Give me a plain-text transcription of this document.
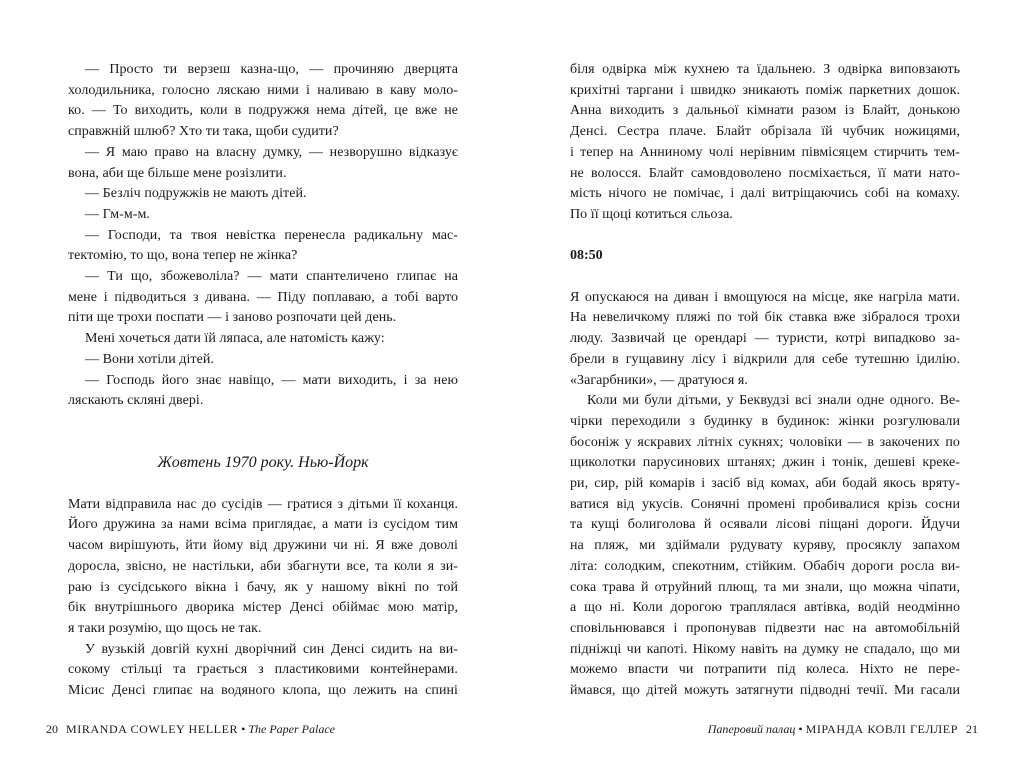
— Просто ти верзеш казна-що, — прочиняю дверцята

холодильника, голосно ляскаю ними і наливаю в каву моло-

ко. — То виходить, коли в подружжя нема дітей, це вже не

справжній шлюб? Хто ти така, щоби судити?

— Я маю право на власну думку, — незворушно відказує

вона, аби ще більше мене розізлити.

— Безліч подружжів не мають дітей.

— Гм-м-м.

— Господи, та твоя невістка перенесла радикальну мас-

тектомію, то що, вона тепер не жінка?

— Ти що, збожеволіла? — мати спантеличено глипає на

мене і підводиться з дивана. — Піду поплаваю, а тобі варто

піти ще трохи поспати — і заново розпочати цей день.

Мені хочеться дати їй ляпаса, але натомість кажу:

— Вони хотіли дітей.

— Господь його знає навіщо, — мати виходить, і за нею

ляскають скляні двері.

Жовтень 1970 року. Нью-Йорк

Мати відправила нас до сусідів — гратися з дітьми її коханця.

Його дружина за нами всіма приглядає, а мати із сусідом тим

часом вирішують, йти йому від дружини чи ні. Я вже доволі

доросла, звісно, не настільки, аби збагнути все, та коли я зи-

раю із сусідського вікна і бачу, як у нашому вікні по той

бік внутрішнього дворика містер Денсі обіймає мою матір,

я таки розумію, що щось не так.

У вузькій довгій кухні дворічний син Денсі сидить на ви-

сокому стільці та грається з пластиковими контейнерами.

Місис Денсі глипає на водяного клопа, що лежить на спині

20 MIRANDA COWLEY HELLER • The Paper Palace

біля одвірка між кухнею та їдальнею. З одвірка виповзають

крихітні таргани і швидко зникають поміж паркетних дошок.

Анна виходить з дальньої кімнати разом із Блайт, донькою

Денсі. Сестра плаче. Блайт обрізала їй чубчик ножицями,

і тепер на Анниному чолі нерівним півмісяцем стирчить тем-

не волосся. Блайт самовдоволено посміхається, її мати нато-

мість нічого не помічає, і далі витріщаючись собі на комаху.

По її щоці котиться сльоза.

08:50

Я опускаюся на диван і вмощуюся на місце, яке нагріла мати.

На невеличкому пляжі по той бік ставка вже зібралося трохи

люду. Зазвичай це орендарі — туристи, котрі випадково за-

брели в гущавину лісу і відкрили для себе тутешню ідилію.

«Загарбники», — дратуюся я.

Коли ми були дітьми, у Беквудзі всі знали одне одного. Ве-

чірки переходили з будинку в будинок: жінки розгулювали

босоніж у яскравих літніх сукнях; чоловіки — в закочених по

щиколотки парусинових штанях; джин і тонік, дешеві креке-

ри, сир, рій комарів і засіб від комах, аби бодай якось вряту-

ватися від укусів. Сонячні промені пробивалися крізь сосни

та кущі болиголова й осявали лісові піщані дороги. Йдучи

на пляж, ми здіймали рудувату куряву, просяклу запахом

літа: солодким, спекотним, стійким. Обабіч дороги росла ви-

сока трава й отруйний плющ, та ми знали, що можна чіпати,

а що ні. Коли дорогою траплялася автівка, водій неодмінно

сповільнювався і пропонував підвезти нас на автомобільній

підніжці чи капоті. Нікому навіть на думку не спадало, що ми

можемо впасти чи потрапити під колеса. Ніхто не пере-

ймався, що дітей можуть затягнути підводні течії. Ми гасали

Паперовий палац • МІРАНДА КОВЛІ ГЕЛЛЕР 21
